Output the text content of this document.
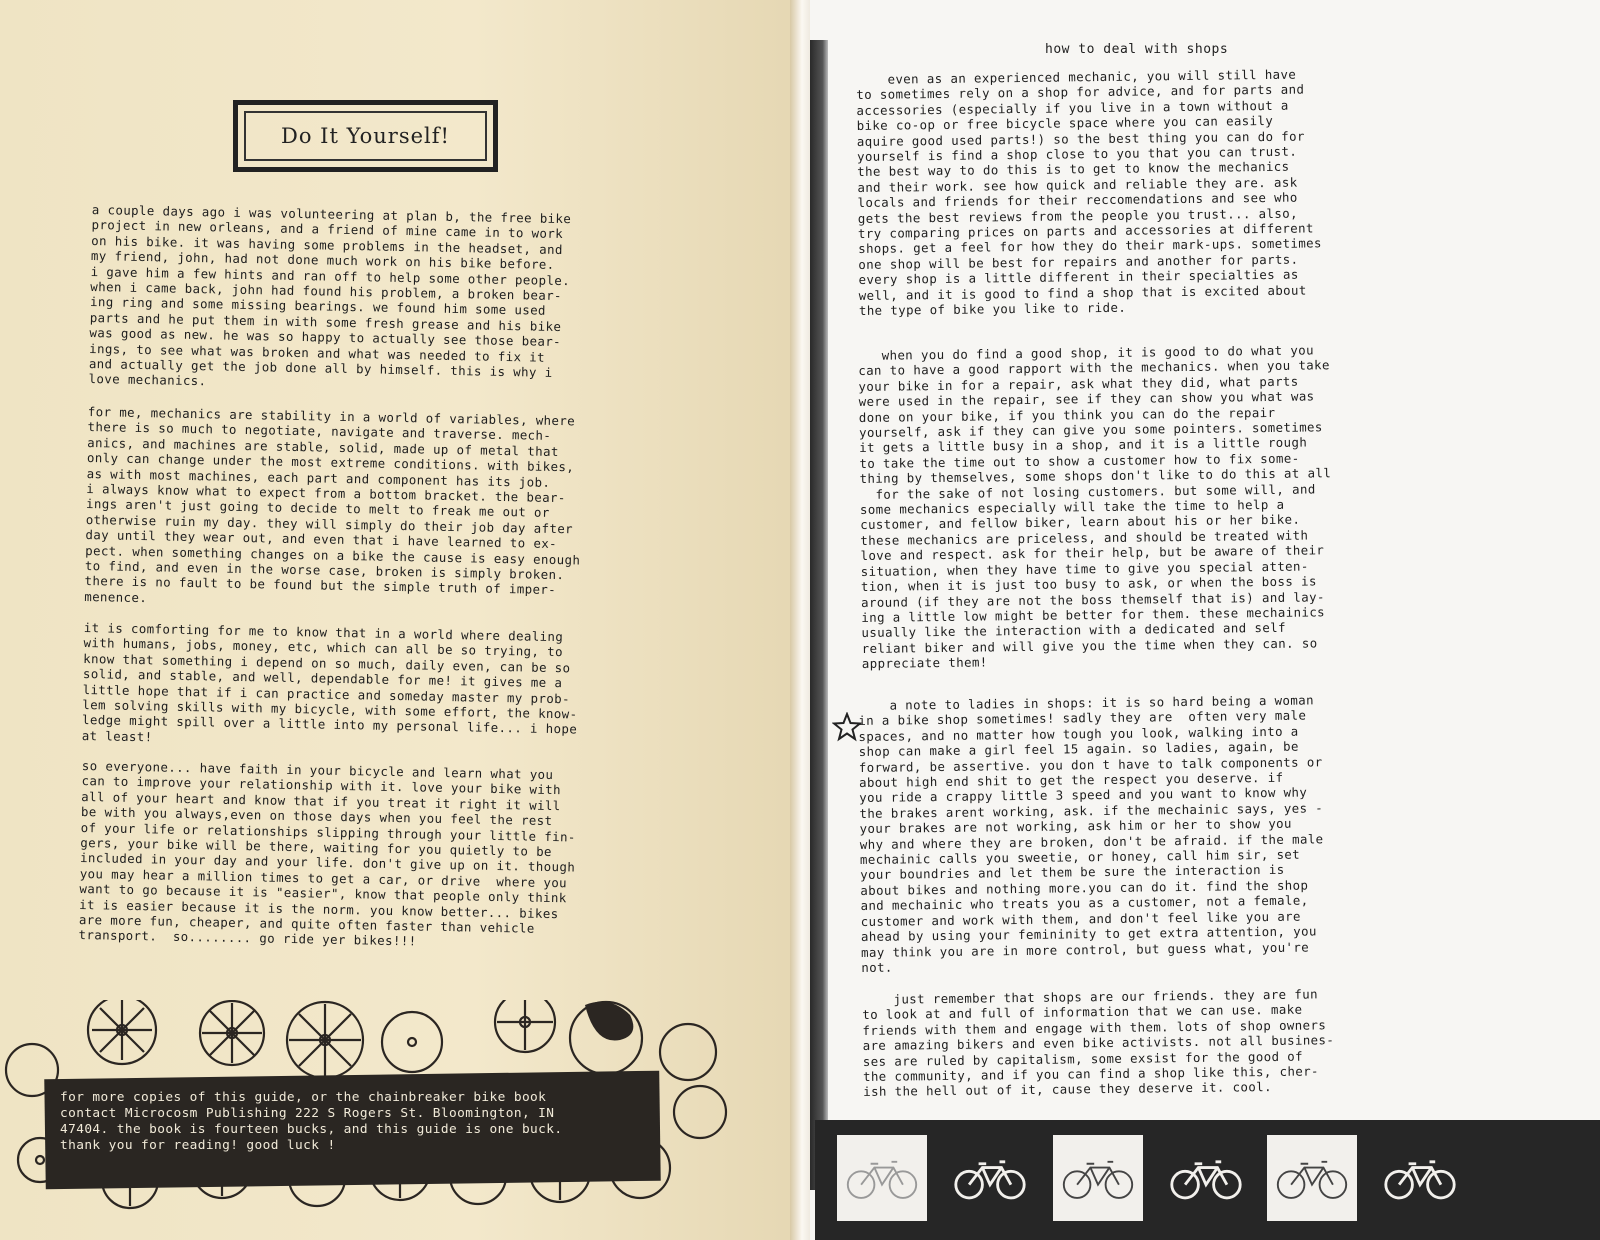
Do It Yourself!

a couple days ago i was volunteering at plan b, the free bike
project in new orleans, and a friend of mine came in to work
on his bike. it was having some problems in the headset, and
my friend, john, had not done much work on his bike before.
i gave him a few hints and ran off to help some other people.
when i came back, john had found his problem, a broken bear-
ing ring and some missing bearings. we found him some used
parts and he put them in with some fresh grease and his bike
was good as new. he was so happy to actually see those bear-
ings, to see what was broken and what was needed to fix it
and actually get the job done all by himself. this is why i
love mechanics.

for me, mechanics are stability in a world of variables, where
there is so much to negotiate, navigate and traverse. mech-
anics, and machines are stable, solid, made up of metal that
only can change under the most extreme conditions. with bikes,
as with most machines, each part and component has its job.
i always know what to expect from a bottom bracket. the bear-
ings aren't just going to decide to melt to freak me out or
otherwise ruin my day. they will simply do their job day after
day until they wear out, and even that i have learned to ex-
pect. when something changes on a bike the cause is easy enough
to find, and even in the worse case, broken is simply broken.
there is no fault to be found but the simple truth of imper-
menence.

it is comforting for me to know that in a world where dealing
with humans, jobs, money, etc, which can all be so trying, to
know that something i depend on so much, daily even, can be so
solid, and stable, and well, dependable for me! it gives me a
little hope that if i can practice and someday master my prob-
lem solving skills with my bicycle, with some effort, the know-
ledge might spill over a little into my personal life... i hope
at least!

so everyone... have faith in your bicycle and learn what you
can to improve your relationship with it. love your bike with
all of your heart and know that if you treat it right it will
be with you always,even on those days when you feel the rest
of your life or relationships slipping through your little fin-
gers, your bike will be there, waiting for you quietly to be
included in your day and your life. don't give up on it. though
you may hear a million times to get a car, or drive  where you
want to go because it is "easier", know that people only think
it is easier because it is the norm. you know better... bikes
are more fun, cheaper, and quite often faster than vehicle
transport.  so........ go ride yer bikes!!!

for more copies of this guide, or the chainbreaker bike book
contact Microcosm Publishing 222 S Rogers St. Bloomington, IN
47404. the book is fourteen bucks, and this guide is one buck.
thank you for reading! good luck !

how to deal with shops

even as an experienced mechanic, you will still have
to sometimes rely on a shop for advice, and for parts and
accessories (especially if you live in a town without a
bike co-op or free bicycle space where you can easily
aquire good used parts!) so the best thing you can do for
yourself is find a shop close to you that you can trust.
the best way to do this is to get to know the mechanics
and their work. see how quick and reliable they are. ask
locals and friends for their reccomendations and see who
gets the best reviews from the people you trust... also,
try comparing prices on parts and accessories at different
shops. get a feel for how they do their mark-ups. sometimes
one shop will be best for repairs and another for parts.
every shop is a little different in their specialties as
well, and it is good to find a shop that is excited about
the type of bike you like to ride.

when you do find a good shop, it is good to do what you
can to have a good rapport with the mechanics. when you take
your bike in for a repair, ask what they did, what parts
were used in the repair, see if they can show you what was
done on your bike, if you think you can do the repair
yourself, ask if they can give you some pointers. sometimes
it gets a little busy in a shop, and it is a little rough
to take the time out to show a customer how to fix some-
thing by themselves, some shops don't like to do this at all
for the sake of not losing customers. but some will, and
some mechanics especially will take the time to help a
customer, and fellow biker, learn about his or her bike.
these mechanics are priceless, and should be treated with
love and respect. ask for their help, but be aware of their
situation, when they have time to give you special atten-
tion, when it is just too busy to ask, or when the boss is
around (if they are not the boss themself that is) and lay-
ing a little low might be better for them. these mechainics
usually like the interaction with a dedicated and self
reliant biker and will give you the time when they can. so
appreciate them!

a note to ladies in shops: it is so hard being a woman
in a bike shop sometimes! sadly they are  often very male
spaces, and no matter how tough you look, walking into a
shop can make a girl feel 15 again. so ladies, again, be
forward, be assertive. you don t have to talk components or
about high end shit to get the respect you deserve. if
you ride a crappy little 3 speed and you want to know why
the brakes arent working, ask. if the mechainic says, yes -
your brakes are not working, ask him or her to show you
why and where they are broken, don't be afraid. if the male
mechainic calls you sweetie, or honey, call him sir, set
your boundries and let them be sure the interaction is
about bikes and nothing more.you can do it. find the shop
and mechainic who treats you as a customer, not a female,
customer and work with them, and don't feel like you are
ahead by using your femininity to get extra attention, you
may think you are in more control, but guess what, you're
not.

just remember that shops are our friends. they are fun
to look at and full of information that we can use. make
friends with them and engage with them. lots of shop owners
are amazing bikers and even bike activists. not all busines-
ses are ruled by capitalism, some exsist for the good of
the community, and if you can find a shop like this, cher-
ish the hell out of it, cause they deserve it. cool.
